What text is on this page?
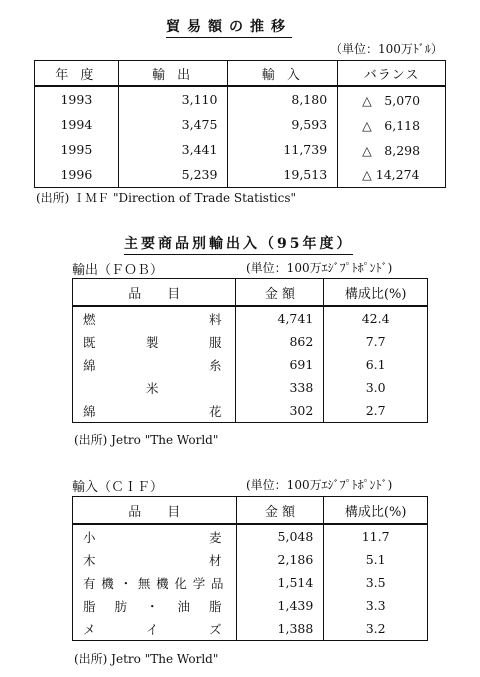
貿易額の推移
（単位：100万ﾄﾞﾙ）
年 度	輸 出	輸 入	バランス
1993	3,110	8,180	△　5,070
1994	3,475	9,593	△　6,118
1995	3,441	11,739	△　8,298
1996	5,239	19,513	△ 14,274
(出所) ＩＭＦ "Direction of Trade Statistics"
主要商品別輸出入（95年度）
輸出（ＦＯＢ）	(単位：100万ｴｼﾞﾌﾟﾄﾎﾟﾝﾄﾞ)
品　　目	金 額	構成比(%)
燃料	4,741	42.4
既製服	862	7.7
綿糸	691	6.1
米	338	3.0
綿花	302	2.7
(出所) Jetro "The World"
輸入（ＣＩＦ）	(単位：100万ｴｼﾞﾌﾟﾄﾎﾟﾝﾄﾞ)
品　　目	金 額	構成比(%)
小麦	5,048	11.7
木材	2,186	5.1
有機・無機化学品	1,514	3.5
脂肪・油脂	1,439	3.3
メイズ	1,388	3.2
(出所) Jetro "The World"
